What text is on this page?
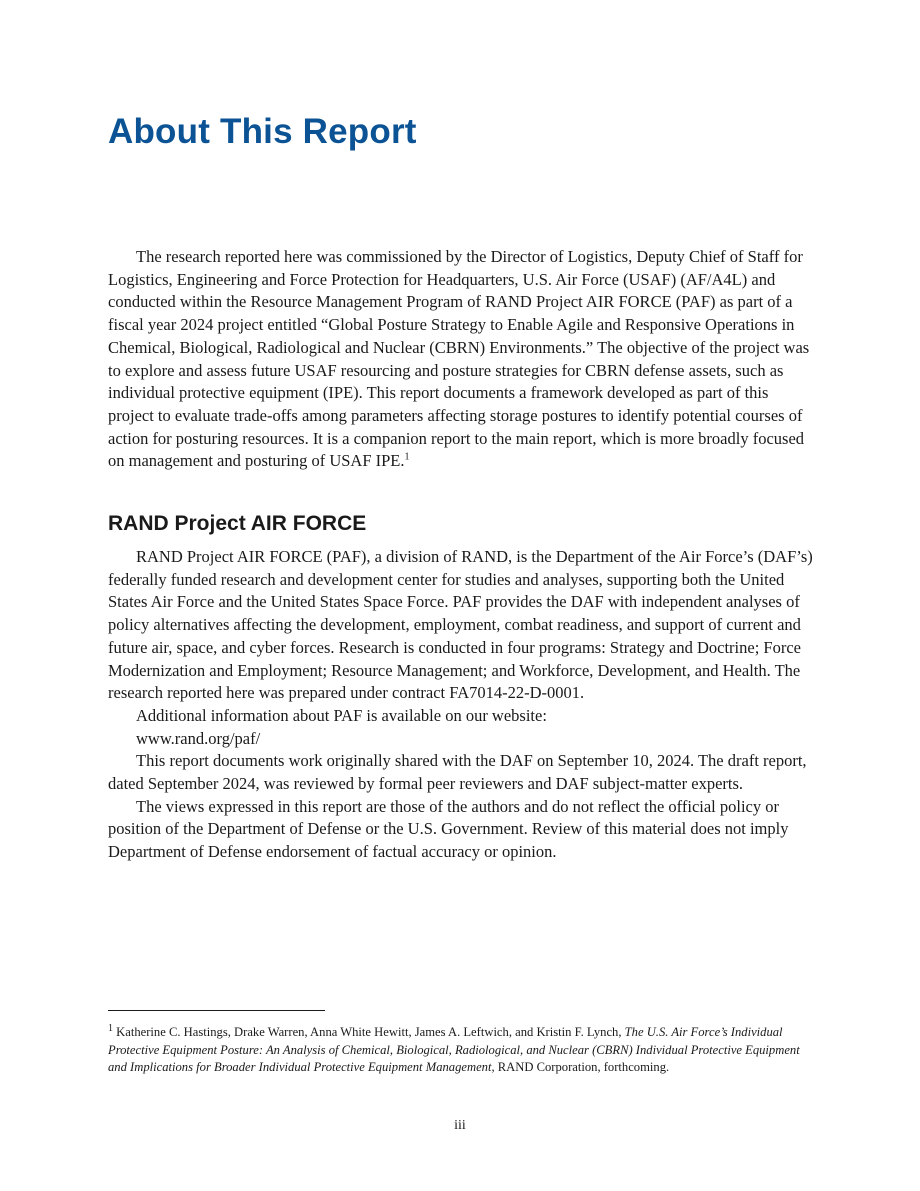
About This Report

The research reported here was commissioned by the Director of Logistics, Deputy Chief of Staff for Logistics, Engineering and Force Protection for Headquarters, U.S. Air Force (USAF) (AF/A4L) and conducted within the Resource Management Program of RAND Project AIR FORCE (PAF) as part of a fiscal year 2024 project entitled “Global Posture Strategy to Enable Agile and Responsive Operations in Chemical, Biological, Radiological and Nuclear (CBRN) Environments.” The objective of the project was to explore and assess future USAF resourcing and posture strategies for CBRN defense assets, such as individual protective equipment (IPE). This report documents a framework developed as part of this project to evaluate trade-offs among parameters affecting storage postures to identify potential courses of action for posturing resources. It is a companion report to the main report, which is more broadly focused on management and posturing of USAF IPE.$^1$

RAND Project AIR FORCE

RAND Project AIR FORCE (PAF), a division of RAND, is the Department of the Air Force’s (DAF’s) federally funded research and development center for studies and analyses, supporting both the United States Air Force and the United States Space Force. PAF provides the DAF with independent analyses of policy alternatives affecting the development, employment, combat readiness, and support of current and future air, space, and cyber forces. Research is conducted in four programs: Strategy and Doctrine; Force Modernization and Employment; Resource Management; and Workforce, Development, and Health. The research reported here was prepared under contract FA7014-22-D-0001.

Additional information about PAF is available on our website:

www.rand.org/paf/

This report documents work originally shared with the DAF on September 10, 2024. The draft report, dated September 2024, was reviewed by formal peer reviewers and DAF subject-matter experts.

The views expressed in this report are those of the authors and do not reflect the official policy or position of the Department of Defense or the U.S. Government. Review of this material does not imply Department of Defense endorsement of factual accuracy or opinion.

$^1$ Katherine C. Hastings, Drake Warren, Anna White Hewitt, James A. Leftwich, and Kristin F. Lynch, The U.S. Air Force’s Individual Protective Equipment Posture: An Analysis of Chemical, Biological, Radiological, and Nuclear (CBRN) Individual Protective Equipment and Implications for Broader Individual Protective Equipment Management, RAND Corporation, forthcoming.

iii
